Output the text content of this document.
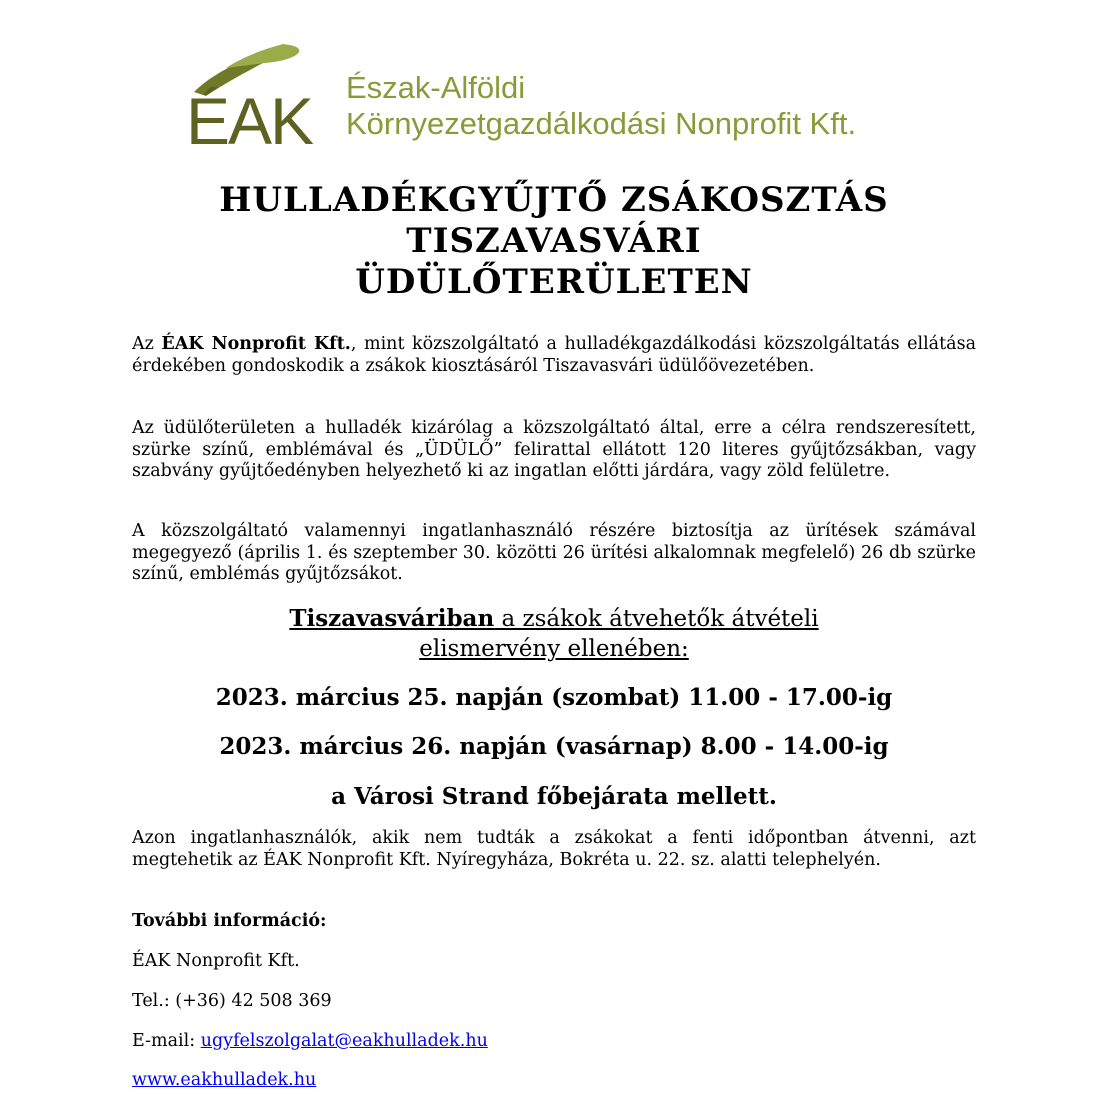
ÉAK Észak-Alföldi
Környezetgazdálkodási Nonprofit Kft.
HULLADÉKGYŰJTŐ ZSÁKOSZTÁS
TISZAVASVÁRI
ÜDÜLŐTERÜLETEN
Az ÉAK Nonprofit Kft., mint közszolgáltató a hulladékgazdálkodási közszolgáltatás ellátása érdekében gondoskodik a zsákok kiosztásáról Tiszavasvári üdülőövezetében.
Az üdülőterületen a hulladék kizárólag a közszolgáltató által, erre a célra rendszeresített, szürke színű, emblémával és „ÜDÜLŐ” felirattal ellátott 120 literes gyűjtőzsákban, vagy szabvány gyűjtőedényben helyezhető ki az ingatlan előtti járdára, vagy zöld felületre.
A közszolgáltató valamennyi ingatlanhasználó részére biztosítja az ürítések számával megegyező (április 1. és szeptember 30. közötti 26 ürítési alkalomnak megfelelő) 26 db szürke színű, emblémás gyűjtőzsákot.
Tiszavasváriban a zsákok átvehetők átvételi
elismervény ellenében:
2023. március 25. napján (szombat) 11.00 - 17.00-ig
2023. március 26. napján (vasárnap) 8.00 - 14.00-ig
a Városi Strand főbejárata mellett.
Azon ingatlanhasználók, akik nem tudták a zsákokat a fenti időpontban átvenni, azt megtehetik az ÉAK Nonprofit Kft. Nyíregyháza, Bokréta u. 22. sz. alatti telephelyén.
További információ:
ÉAK Nonprofit Kft.
Tel.: (+36) 42 508 369
E-mail: ugyfelszolgalat@eakhulladek.hu
www.eakhulladek.hu
